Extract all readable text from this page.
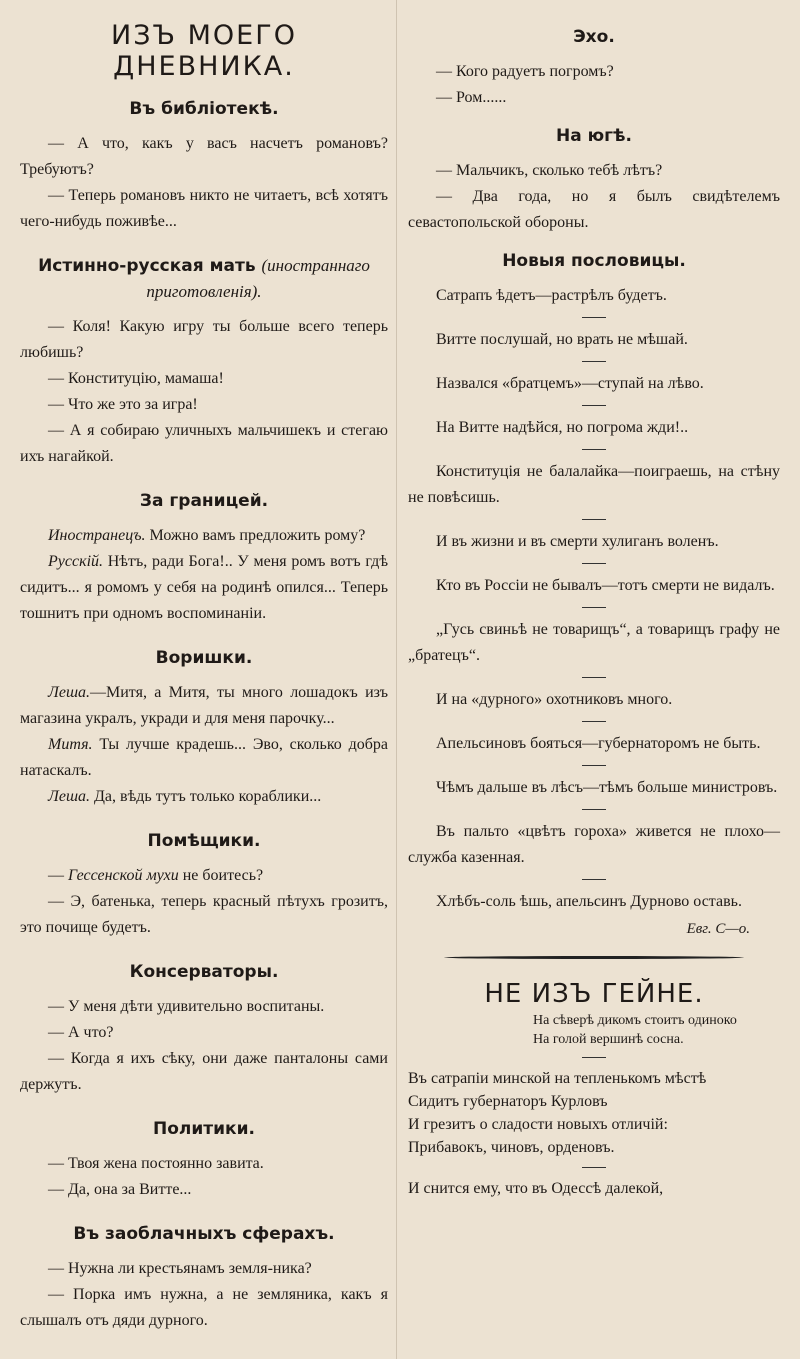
ИЗЪ МОЕГО ДНЕВНИКА.
Въ библіотекѣ.

— А что, какъ у васъ насчетъ романовъ? Требуютъ?

— Теперь романовъ никто не читаетъ, всѣ хотятъ чего-нибудь поживѣе...

Истинно-русская мать (иностраннаго приготовленія).

— Коля! Какую игру ты больше всего теперь любишь?

— Конституцію, мамаша!

— Что же это за игра!

— А я собираю уличныхъ мальчишекъ и стегаю ихъ нагайкой.

За границей.

Иностранецъ. Можно вамъ предложить рому?

Русскій. Нѣтъ, ради Бога!.. У меня ромъ вотъ гдѣ сидитъ... я ромомъ у себя на родинѣ опился... Теперь тошнитъ при одномъ воспоминаніи.

Воришки.

Леша.—Митя, а Митя, ты много лошадокъ изъ магазина укралъ, укради и для меня парочку...

Митя. Ты лучше крадешь... Эво, сколько добра натаскалъ.

Леша. Да, вѣдь тутъ только кораблики...

Помѣщики.

— Гессенской мухи не боитесь?

— Э, батенька, теперь красный пѣтухъ грозитъ, это почище будетъ.

Консерваторы.

— У меня дѣти удивительно воспитаны.

— А что?

— Когда я ихъ сѣку, они даже панталоны сами держутъ.

Политики.

— Твоя жена постоянно завитa.

— Да, она за Витте...

Въ заоблачныхъ сферахъ.

— Нужна ли крестьянамъ земля-ника?

— Порка имъ нужна, а не земляника, какъ я слышалъ отъ дяди дурного.

Эхо.

— Кого радуетъ погромъ?

— Ром......

На югѣ.

— Мальчикъ, сколько тебѣ лѣтъ?

— Два года, но я былъ свидѣтелемъ севастопольской обороны.

Новыя пословицы.

Сатрапъ ѣдетъ—растрѣлъ будетъ.

Витте послушай, но врать не мѣшай.

Назвался «братцемъ»—ступай на лѣво.

На Витте надѣйся, но погрома жди!..

Конституція не балалайка—поиграешь, на стѣну не повѣсишь.

И въ жизни и въ смерти хулиганъ воленъ.

Кто въ Россіи не бывалъ—тотъ смерти не видалъ.

„Гусь свиньѣ не товарищъ“, а товарищъ графу не „братецъ“.

И на «дурного» охотниковъ много.

Апельсиновъ бояться—губернаторомъ не быть.

Чѣмъ дальше въ лѣсъ—тѣмъ больше министровъ.

Въ пальто «цвѣтъ гороха» живется не плохо—служба казенная.

Хлѣбъ-соль ѣшь, апельсинъ Дурново оставь.

Евг. С—о.
НЕ ИЗЪ ГЕЙНЕ.
На сѣверѣ дикомъ стоитъ одиноко
На голой вершинѣ сосна.

Въ сатрапіи минской на тепленькомъ мѣстѣ

Сидитъ губернаторъ Курловъ

И грезитъ о сладости новыхъ отличій:

Прибавокъ, чиновъ, орденовъ.

И снится ему, что въ Одессѣ далекой,
